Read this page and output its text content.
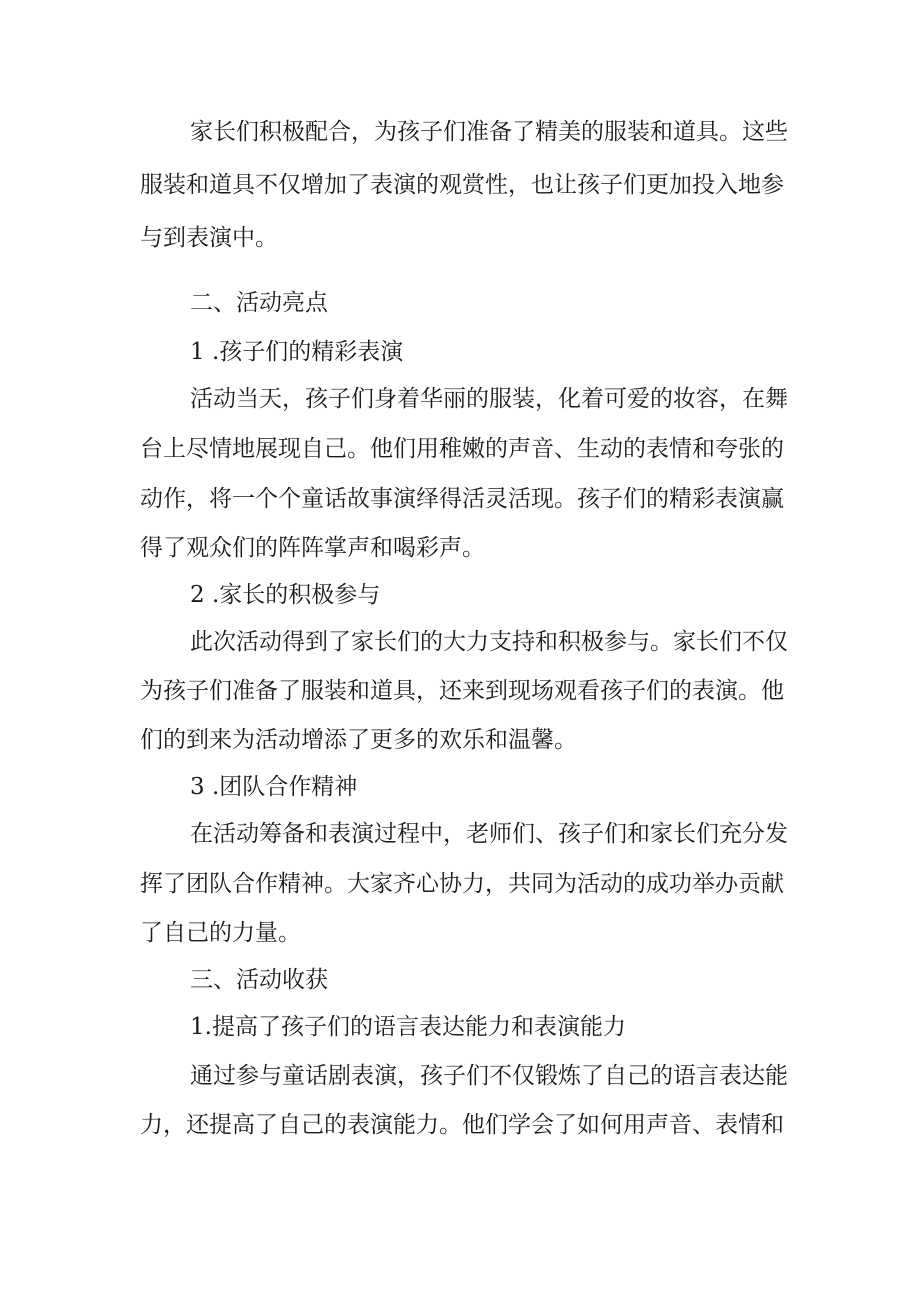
家长们积极配合，为孩子们准备了精美的服装和道具。这些
服装和道具不仅增加了表演的观赏性，也让孩子们更加投入地参
与到表演中。
二、活动亮点
1 .孩子们的精彩表演
活动当天，孩子们身着华丽的服装，化着可爱的妆容，在舞
台上尽情地展现自己。他们用稚嫩的声音、生动的表情和夸张的
动作，将一个个童话故事演绎得活灵活现。孩子们的精彩表演赢
得了观众们的阵阵掌声和喝彩声。
2 .家长的积极参与
此次活动得到了家长们的大力支持和积极参与。家长们不仅
为孩子们准备了服装和道具，还来到现场观看孩子们的表演。他
们的到来为活动增添了更多的欢乐和温馨。
3 .团队合作精神
在活动筹备和表演过程中，老师们、孩子们和家长们充分发
挥了团队合作精神。大家齐心协力，共同为活动的成功举办贡献
了自己的力量。
三、活动收获
1.提高了孩子们的语言表达能力和表演能力
通过参与童话剧表演，孩子们不仅锻炼了自己的语言表达能
力，还提高了自己的表演能力。他们学会了如何用声音、表情和
